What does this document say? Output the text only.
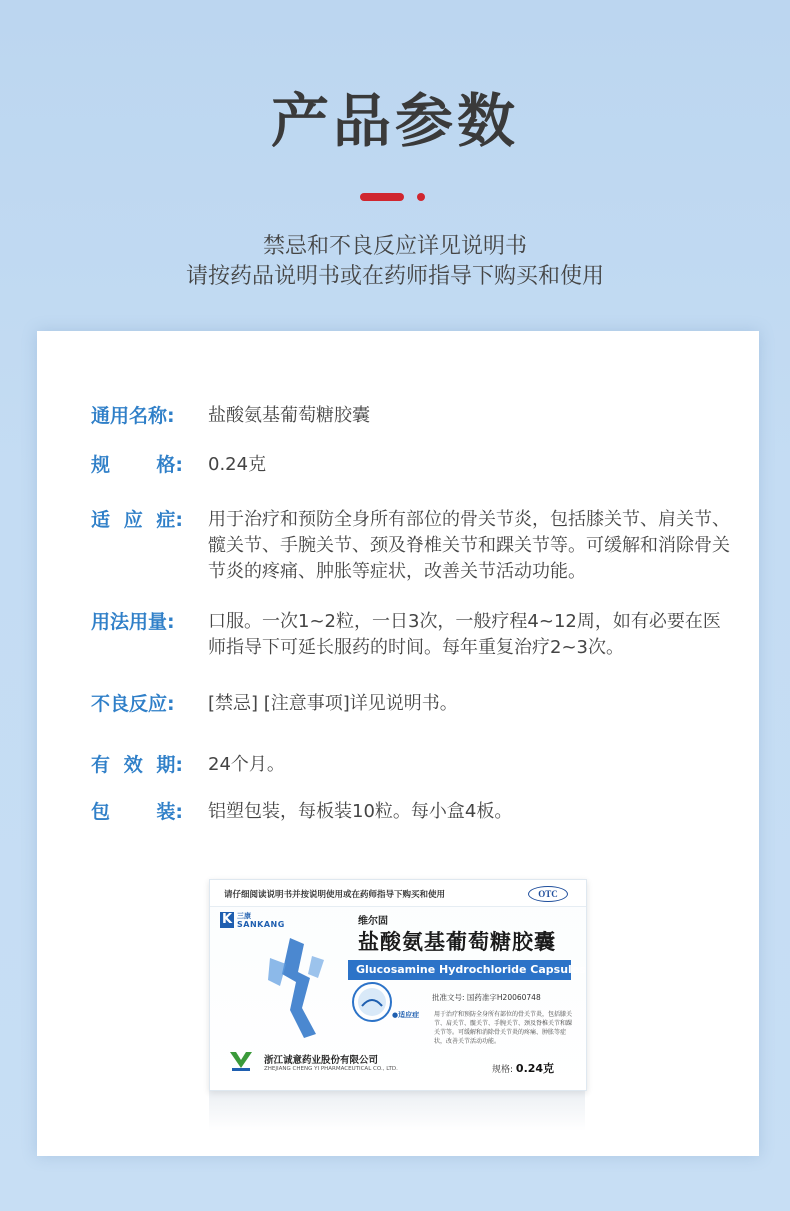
产品参数
禁忌和不良反应详见说明书
请按药品说明书或在药师指导下购买和使用
通用名称:	盐酸氨基葡萄糖胶囊
规 格: 0.24克
适 应 症: 用于治疗和预防全身所有部位的骨关节炎，包括膝关节、肩关节、髋关节、手腕关节、颈及脊椎关节和踝关节等。可缓解和消除骨关节炎的疼痛、肿胀等症状，改善关节活动功能。
用法用量:	口服。一次1~2粒，一日3次，一般疗程4~12周，如有必要在医师指导下可延长服药的时间。每年重复治疗2~3次。
不良反应:	[禁忌] [注意事项]详见说明书。
有 效 期: 24个月。
包 装: 铝塑包装，每板装10粒。每小盒4板。
请仔细阅读说明书并按说明使用或在药师指导下购买和使用	OTC
K 三康
SANKANG	维尔固
盐酸氨基葡萄糖胶囊
Glucosamine Hydrochloride Capsules
批准文号: 国药准字H20060748
●适应症 用于治疗和预防全身所有部位的骨关节炎，包括膝关节、肩关节、髋关节、手腕关节、颈及脊椎关节和踝关节等。可缓解和消除骨关节炎的疼痛、肿胀等症状，改善关节活动功能。
浙江诚意药业股份有限公司
ZHEJIANG CHENG YI PHARMACEUTICAL CO., LTD.	规格: 0.24克
